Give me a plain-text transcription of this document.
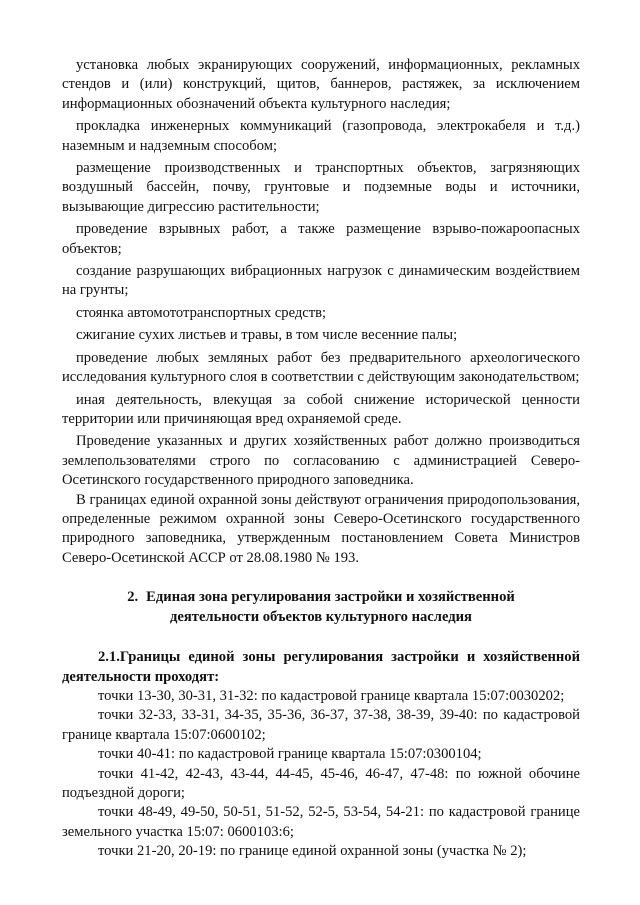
установка любых экранирующих сооружений, информационных, рекламных стендов и (или) конструкций, щитов, баннеров, растяжек, за исключением информационных обозначений объекта культурного наследия;

прокладка инженерных коммуникаций (газопровода, электрокабеля и т.д.) наземным и надземным способом;

размещение производственных и транспортных объектов, загрязняющих воздушный бассейн, почву, грунтовые и подземные воды и источники, вызывающие дигрессию растительности;

проведение взрывных работ, а также размещение взрыво-пожароопасных объектов;

создание разрушающих вибрационных нагрузок с динамическим воздействием на грунты;

стоянка автомототранспортных средств;

сжигание сухих листьев и травы, в том числе весенние палы;

проведение любых земляных работ без предварительного археологического исследования культурного слоя в соответствии с действующим законодательством;

иная деятельность, влекущая за собой снижение исторической ценности территории или причиняющая вред охраняемой среде.

Проведение указанных и других хозяйственных работ должно производиться землепользователями строго по согласованию с администрацией Северо-Осетинского государственного природного заповедника.

В границах единой охранной зоны действуют ограничения природопользования, определенные режимом охранной зоны Северо-Осетинского государственного природного заповедника, утвержденным постановлением Совета Министров Северо-Осетинской АССР от 28.08.1980 № 193.

2. Единая зона регулирования застройки и хозяйственной
деятельности объектов культурного наследия

2.1.Границы единой зоны регулирования застройки и хозяйственной деятельности проходят:

точки 13-30, 30-31, 31-32: по кадастровой границе квартала 15:07:0030202;

точки 32-33, 33-31, 34-35, 35-36, 36-37, 37-38, 38-39, 39-40: по кадастровой границе квартала 15:07:0600102;

точки 40-41: по кадастровой границе квартала 15:07:0300104;

точки 41-42, 42-43, 43-44, 44-45, 45-46, 46-47, 47-48: по южной обочине подъездной дороги;

точки 48-49, 49-50, 50-51, 51-52, 52-5, 53-54, 54-21: по кадастровой границе земельного участка 15:07: 0600103:6;

точки 21-20, 20-19: по границе единой охранной зоны (участка № 2);
